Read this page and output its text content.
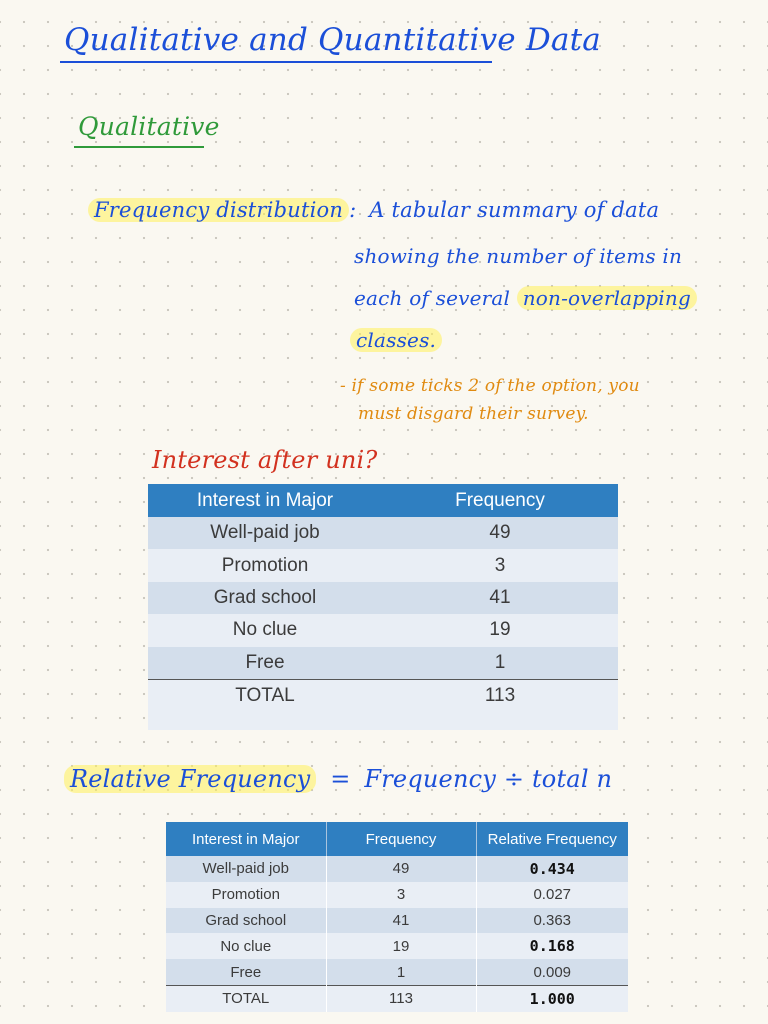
Qualitative and Quantitative Data
Qualitative
Frequency distribution : A tabular summary of data
showing the number of items in
each of several non-overlapping
classes.
- if some ticks 2 of the option, you
must disgard their survey.
Interest after uni?
Interest in Major	Frequency
Well-paid job	49
Promotion	3
Grad school	41
No clue	19
Free	1
TOTAL	113

Relative Frequency = Frequency ÷ total n
Interest in Major	Frequency	Relative Frequency
Well-paid job	49	0.434
Promotion	3	0.027
Grad school	41	0.363
No clue	19	0.168
Free	1	0.009
TOTAL	113	1.000
